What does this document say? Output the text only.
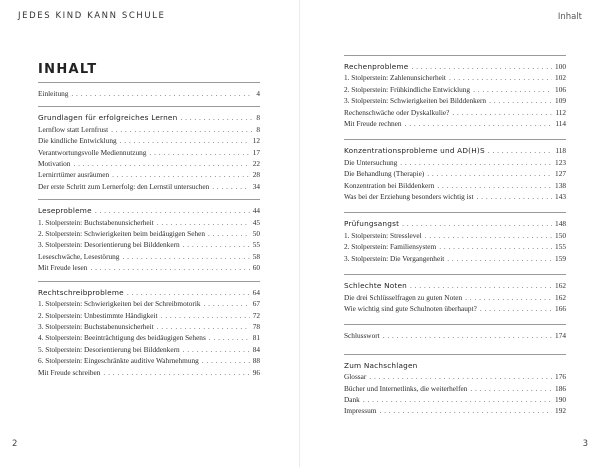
JEDES KIND KANN SCHULE
INHALT
Einleitung . . .	4
Grundlagen für erfolgreiches Lernen . . .	8
Lernflow statt Lernfrust . . .	8
Die kindliche Entwicklung . . .	12
Verantwortungsvolle Mediennutzung . . .	17
Motivation . . .	22
Lernirrtümer ausräumen . . .	28
Der erste Schritt zum Lernerfolg: den Lernstil untersuchen . . .	34
Leseprobleme . . .	44
1. Stolperstein: Buchstabenunsicherheit . . .	45
2. Stolperstein: Schwierigkeiten beim beidäugigen Sehen . . .	50
3. Stolperstein: Desorientierung bei Bilddenkern . . .	55
Leseschwäche, Lesestörung . . .	58
Mit Freude lesen . . .	60
Rechtschreibprobleme . . .	64
1. Stolperstein: Schwierigkeiten bei der Schreibmotorik . . .	67
2. Stolperstein: Unbestimmte Händigkeit . . .	72
3. Stolperstein: Buchstabenunsicherheit . . .	78
4. Stolperstein: Beeinträchtigung des beidäugigen Sehens . . .	81
5. Stolperstein: Desorientierung bei Bilddenkern . . .	84
6. Stolperstein: Eingeschränkte auditive Wahrnehmung . . .	88
Mit Freude schreiben . . .	96
2
Inhalt
Rechenprobleme . . .	100
1. Stolperstein: Zahlenunsicherheit . . .	102
2. Stolperstein: Frühkindliche Entwicklung . . .	106
3. Stolperstein: Schwierigkeiten bei Bilddenkern . . .	109
Rechenschwäche oder Dyskalkulie? . . .	112
Mit Freude rechnen . . .	114
Konzentrationsprobleme und AD(H)S . . .	118
Die Untersuchung . . .	123
Die Behandlung (Therapie) . . .	127
Konzentration bei Bilddenkern . . .	138
Was bei der Erziehung besonders wichtig ist . . .	143
Prüfungsangst . . .	148
1. Stolperstein: Stresslevel . . .	150
2. Stolperstein: Familiensystem . . .	155
3. Stolperstein: Die Vergangenheit . . .	159
Schlechte Noten . . .	162
Die drei Schlüsselfragen zu guten Noten . . .	162
Wie wichtig sind gute Schulnoten überhaupt? . . .	166
Schlusswort . . .	174
Zum Nachschlagen
Glossar . . .	176
Bücher und Internetlinks, die weiterhelfen . . .	186
Dank . . .	190
Impressum . . .	192
3
